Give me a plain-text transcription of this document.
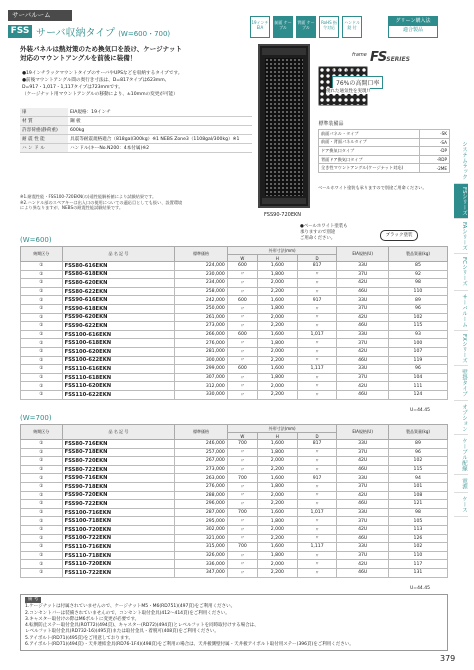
サーバルーム
FSS サーバ収納タイプ (W=600・700)
19インチ EIA
前面 ケーブル
背面 ケーブル
RoHS 指令対応
ハンドル 錠 付
グリーン購入法
適合製品
frame FSSERIES
外装パネルは熱対策のため換気口を設け、ケージナット
対応のマウントアングルを前後に装備！
●19インチラックマウントタイプのサーバやUPSなどを収納するタイプです。
●前後マウントアングル間の奥行き寸法は、D=817タイプは623mm、
D=917・1,017・1,117タイプは723mmです。
（ケージナット用マウントアングルの移動により、±10mmの変更が可能）
扉	EIA規格：19インチ
材 質	鋼 板
許容荷重(静荷重)	600kg
耐 震 性 能	具震等耐震規格適合（818gal/300kg）※1 NEBS Zone3（1108gal/300kg）※1
ハ ン ド ル	ハンドル(キーNo.N200：4本付属)※2
※1.耐震性能・FSS100-720EKN(の)遠性能解析値により試験結果です。
※2.ハンドル部のスペアキーは出入口の使用についての適応目としても扱い、設置環境
により異なりますが、NEBSの耐震性能試験結果です。
FSS90-720EKN
換気口(六角穴)
76%の高開口率
優れた通気性を実現!!
標準装備品	
前面パネル・タイプ	-SK
前面・背面パネルタイプ	-SA
ドア換気口タイプ	-DP
背面ドア換気口タイプ	-RDP
全き性マウントアングル(ケージナット対応)	-2ME
ベールホワイト塗装も承りますので別途ご用命ください。
システムラック
FSシリーズ
FAシリーズ
FCシリーズ
サーバルーム
FXシリーズ
壁掛タイプ
オプション
ケーブル配線
電源
ケース
(W=600)
●ベールホワイト塗装も
承りますので別途
ご用命ください。
ブラック塗装
納期区分	品 名 記 号	標準価格	外形寸法(mm)			EIA規格(U)	製品質量(kg)
			W	H	D		
①	FSS80-616EKN	224,000	600	1,600	817	33U	85
①	FSS80-618EKN	230,000	〃	1,800	〃	37U	92
①	FSS80-620EKN	234,000	〃	2,000	〃	42U	98
①	FSS80-622EKN	258,000	〃	2,200	〃	46U	110
①	FSS90-616EKN	242,000	600	1,600	917	33U	89
①	FSS90-618EKN	250,000	〃	1,800	〃	37U	96
①	FSS90-620EKN	261,000	〃	2,000	〃	42U	102
①	FSS90-622EKN	273,000	〃	2,200	〃	46U	115
①	FSS100-616EKN	266,000	600	1,600	1,017	33U	93
①	FSS100-618EKN	276,000	〃	1,800	〃	37U	100
①	FSS100-620EKN	281,000	〃	2,000	〃	42U	107
①	FSS100-622EKN	300,000	〃	2,200	〃	46U	119
①	FSS110-616EKN	299,000	600	1,600	1,117	33U	96
①	FSS110-618EKN	307,000	〃	1,800	〃	37U	104
①	FSS110-620EKN	312,000	〃	2,000	〃	42U	111
①	FSS110-622EKN	330,000	〃	2,200	〃	46U	124
U=44.45
(W=700)
納期区分	品 名 記 号	標準価格	外形寸法(mm)			EIA規格(U)	製品質量(kg)
			W	H	D		
①	FSS80-716EKN	246,000	700	1,600	817	33U	89
①	FSS80-718EKN	257,000	〃	1,800	〃	37U	96
①	FSS80-720EKN	267,000	〃	2,000	〃	42U	102
①	FSS80-722EKN	273,000	〃	2,200	〃	46U	115
①	FSS90-716EKN	263,000	700	1,600	917	33U	94
①	FSS90-718EKN	276,000	〃	1,800	〃	37U	101
①	FSS90-720EKN	288,000	〃	2,000	〃	42U	108
①	FSS90-722EKN	296,000	〃	2,200	〃	46U	121
①	FSS100-716EKN	287,000	700	1,600	1,017	33U	98
①	FSS100-718EKN	295,000	〃	1,800	〃	37U	105
①	FSS100-720EKN	302,000	〃	2,000	〃	42U	113
①	FSS100-722EKN	321,000	〃	2,200	〃	46U	126
①	FSS110-716EKN	315,000	700	1,600	1,117	33U	102
①	FSS110-718EKN	326,000	〃	1,800	〃	37U	110
①	FSS110-720EKN	336,000	〃	2,000	〃	42U	117
①	FSS110-722EKN	347,000	〃	2,200	〃	46U	131
U=44.45
備 考
1.ケージナットは付属されていませんので、ケージナットM5・M6(RD751)(497頁)をご利用ください。
2.コンセントバーは装備されていませんので、コンセント取付金具(412〜414頁)をご利用ください。
3.キャスター取付けの際はM6ボルトに変更が必要です。
4.転倒防止ステー取付金具(ROT72)(494頁)、キャスター(RD72)(494頁)とレベルフットを同時取付けする場合は、
レベルフット取付金具(RD732-16)(495頁)または取付金具・着脱可(408頁)をご利用ください。
5.アイボルト(RD71)(495頁)をご用意しております。
6.アイボルト(RD71)(494頁)・天井連結金具(RD76-1F4)(498頁)をご利用の場合は、天井板側壁付属・天井板アイボルト取付用ステー(396頁)をご利用ください。
379
